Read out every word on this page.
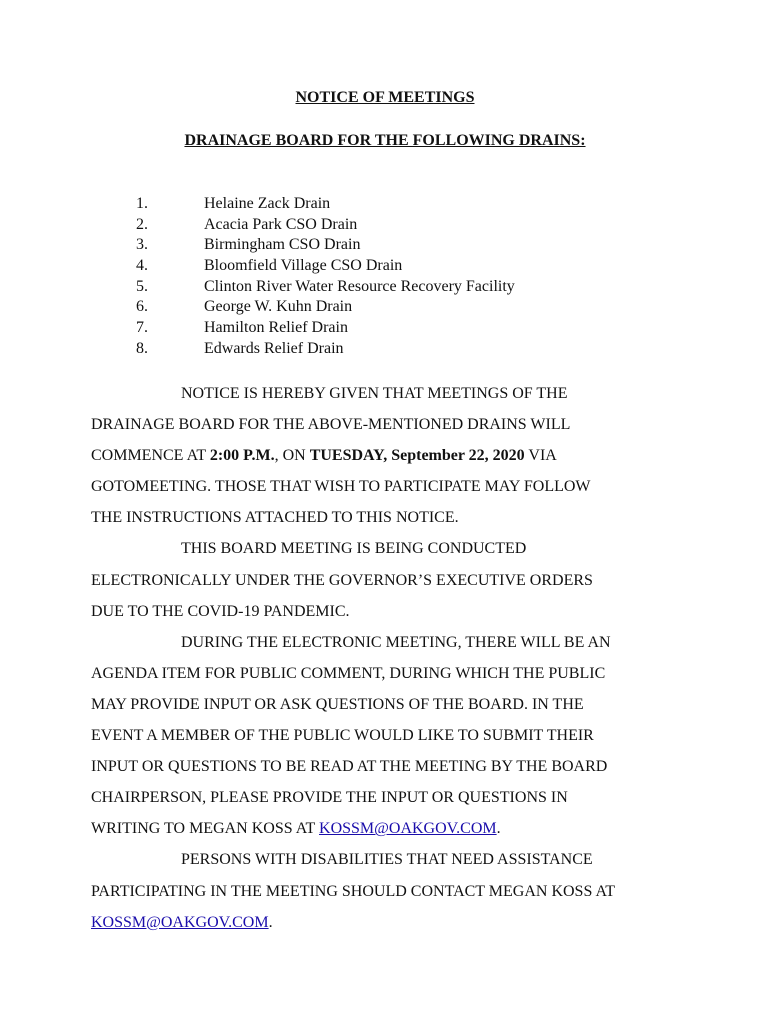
NOTICE OF MEETINGS
DRAINAGE BOARD FOR THE FOLLOWING DRAINS:
1.	Helaine Zack Drain
2.	Acacia Park CSO Drain
3.	Birmingham CSO Drain
4.	Bloomfield Village CSO Drain
5.	Clinton River Water Resource Recovery Facility
6.	George W. Kuhn Drain
7.	Hamilton Relief Drain
8.	Edwards Relief Drain
NOTICE IS HEREBY GIVEN THAT MEETINGS OF THE
DRAINAGE BOARD FOR THE ABOVE-MENTIONED DRAINS WILL
COMMENCE AT 2:00 P.M., ON TUESDAY, September 22, 2020 VIA
GOTOMEETING. THOSE THAT WISH TO PARTICIPATE MAY FOLLOW
THE INSTRUCTIONS ATTACHED TO THIS NOTICE.
THIS BOARD MEETING IS BEING CONDUCTED
ELECTRONICALLY UNDER THE GOVERNOR’S EXECUTIVE ORDERS
DUE TO THE COVID-19 PANDEMIC.
DURING THE ELECTRONIC MEETING, THERE WILL BE AN
AGENDA ITEM FOR PUBLIC COMMENT, DURING WHICH THE PUBLIC
MAY PROVIDE INPUT OR ASK QUESTIONS OF THE BOARD. IN THE
EVENT A MEMBER OF THE PUBLIC WOULD LIKE TO SUBMIT THEIR
INPUT OR QUESTIONS TO BE READ AT THE MEETING BY THE BOARD
CHAIRPERSON, PLEASE PROVIDE THE INPUT OR QUESTIONS IN
WRITING TO MEGAN KOSS AT KOSSM@OAKGOV.COM.
PERSONS WITH DISABILITIES THAT NEED ASSISTANCE
PARTICIPATING IN THE MEETING SHOULD CONTACT MEGAN KOSS AT
KOSSM@OAKGOV.COM.
